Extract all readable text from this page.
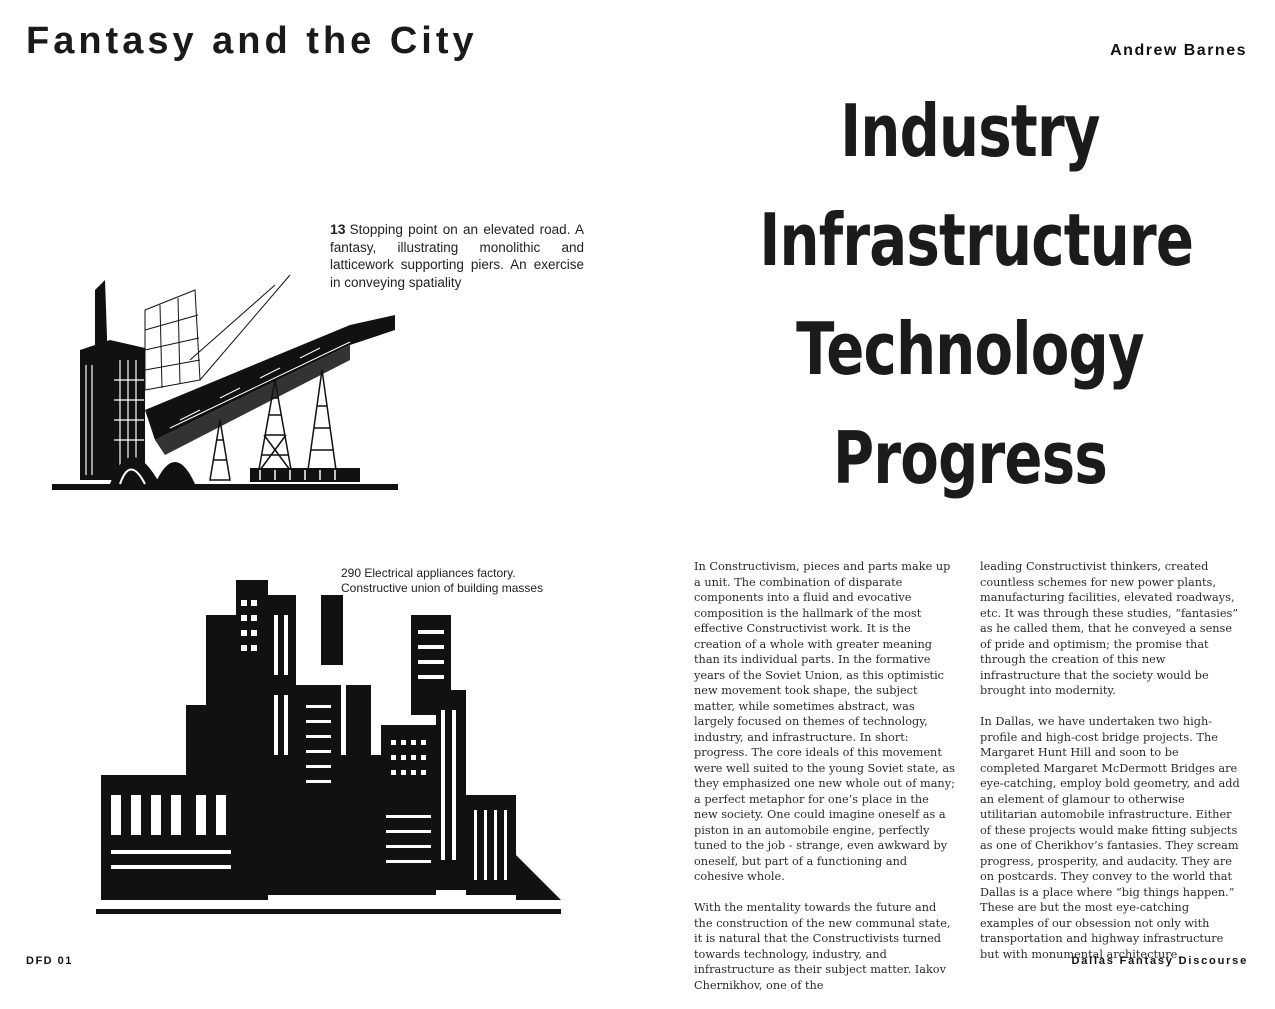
Fantasy and the City	Andrew Barnes
Industry
Infrastructure
Technology
Progress
13 Stopping point on an elevated road. A fantasy, illustrating monolithic and latticework supporting piers. An exercise in conveying spatiality
290 Electrical appliances factory. Constructive union of building masses

In Constructivism, pieces and parts make up a unit. The combination of disparate components into a fluid and evocative composition is the hallmark of the most effective Constructivist work. It is the creation of a whole with greater meaning than its individual parts. In the formative years of the Soviet Union, as this optimistic new movement took shape, the subject matter, while sometimes abstract, was largely focused on themes of technology, industry, and infrastructure. In short: progress. The core ideals of this movement were well suited to the young Soviet state, as they emphasized one new whole out of many; a perfect metaphor for one’s place in the new society. One could imagine oneself as a piston in an automobile engine, perfectly tuned to the job - strange, even awkward by oneself, but part of a functioning and cohesive whole.

With the mentality towards the future and the construction of the new communal state, it is natural that the Constructivists turned towards technology, industry, and infrastructure as their subject matter. Iakov Chernikhov, one of the

leading Constructivist thinkers, created countless schemes for new power plants, manufacturing facilities, elevated roadways, etc. It was through these studies, “fantasies” as he called them, that he conveyed a sense of pride and optimism; the promise that through the creation of this new infrastructure that the society would be brought into modernity.

In Dallas, we have undertaken two high-profile and high-cost bridge projects. The Margaret Hunt Hill and soon to be completed Margaret McDermott Bridges are eye-catching, employ bold geometry, and add an element of glamour to otherwise utilitarian automobile infrastructure. Either of these projects would make fitting subjects as one of Cherikhov’s fantasies. They scream progress, prosperity, and audacity. They are on postcards. They convey to the world that Dallas is a place where “big things happen.” These are but the most eye-catching examples of our obsession not only with transportation and highway infrastructure but with monumental architecture.

DFD 01	Dallas Fantasy Discourse
